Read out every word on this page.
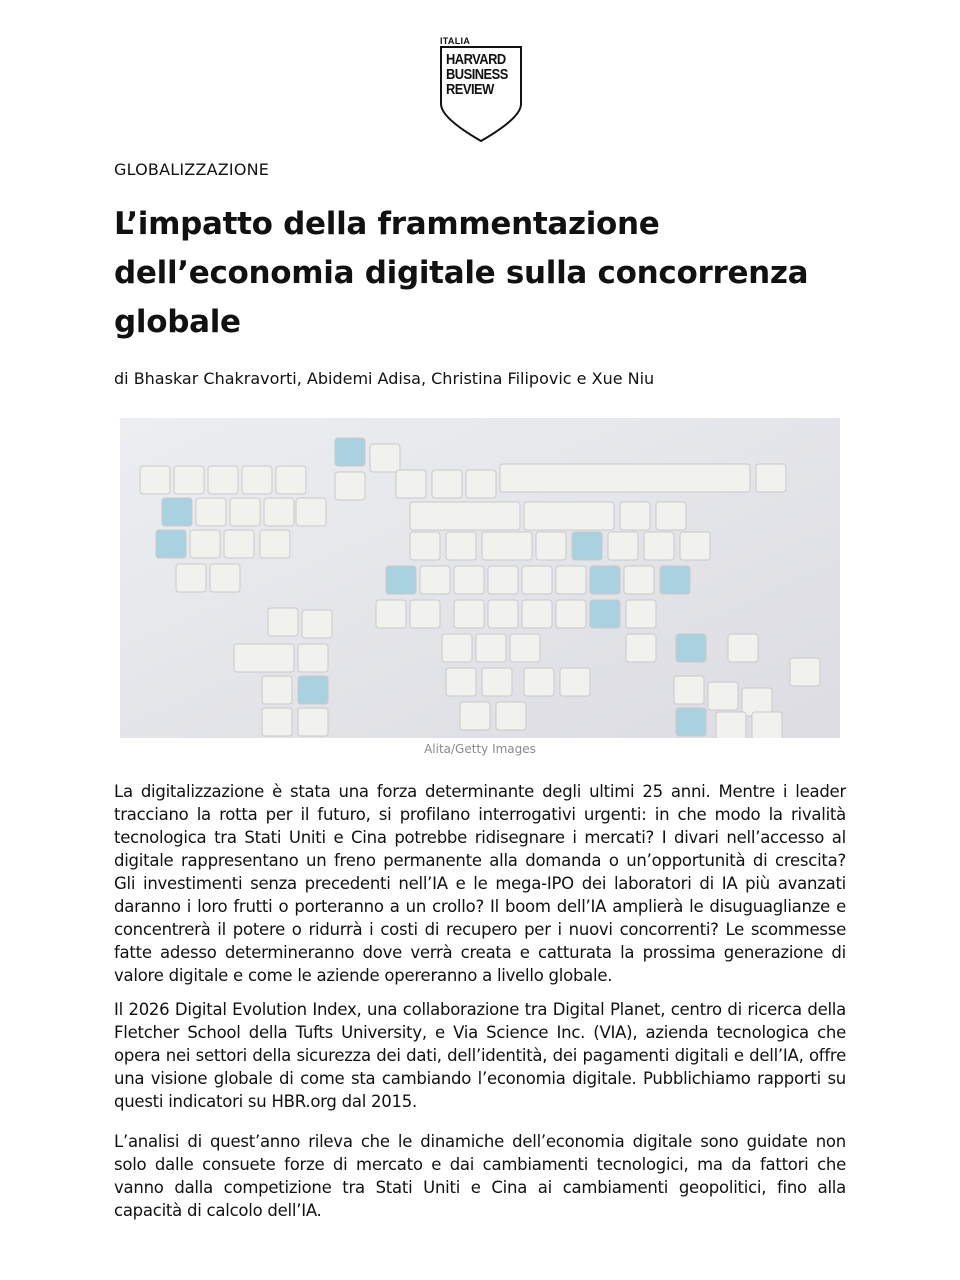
ITALIA
HARVARD
BUSINESS
REVIEW
GLOBALIZZAZIONE
L’impatto della frammentazione dell’economia digitale sulla concorrenza globale
di Bhaskar Chakravorti, Abidemi Adisa, Christina Filipovic e Xue Niu
Alita/Getty Images

La digitalizzazione è stata una forza determinante degli ultimi 25 anni. Mentre i leader tracciano la rotta per il futuro, si profilano interrogativi urgenti: in che modo la rivalità tecnologica tra Stati Uniti e Cina potrebbe ridisegnare i mercati? I divari nell’accesso al digitale rappresentano un freno permanente alla domanda o un’opportunità di crescita? Gli investimenti senza precedenti nell’IA e le mega-IPO dei laboratori di IA più avanzati daranno i loro frutti o porteranno a un crollo? Il boom dell’IA amplierà le disuguaglianze e concentrerà il potere o ridurrà i costi di recupero per i nuovi concorrenti? Le scommesse fatte adesso determineranno dove verrà creata e catturata la prossima generazione di valore digitale e come le aziende opereranno a livello globale.

Il 2026 Digital Evolution Index, una collaborazione tra Digital Planet, centro di ricerca della Fletcher School della Tufts University, e Via Science Inc. (VIA), azienda tecnologica che opera nei settori della sicurezza dei dati, dell’identità, dei pagamenti digitali e dell’IA, offre una visione globale di come sta cambiando l’economia digitale. Pubblichiamo rapporti su questi indicatori su HBR.org dal 2015.

L’analisi di quest’anno rileva che le dinamiche dell’economia digitale sono guidate non solo dalle consuete forze di mercato e dai cambiamenti tecnologici, ma da fattori che vanno dalla competizione tra Stati Uniti e Cina ai cambiamenti geopolitici, fino alla capacità di calcolo dell’IA.
